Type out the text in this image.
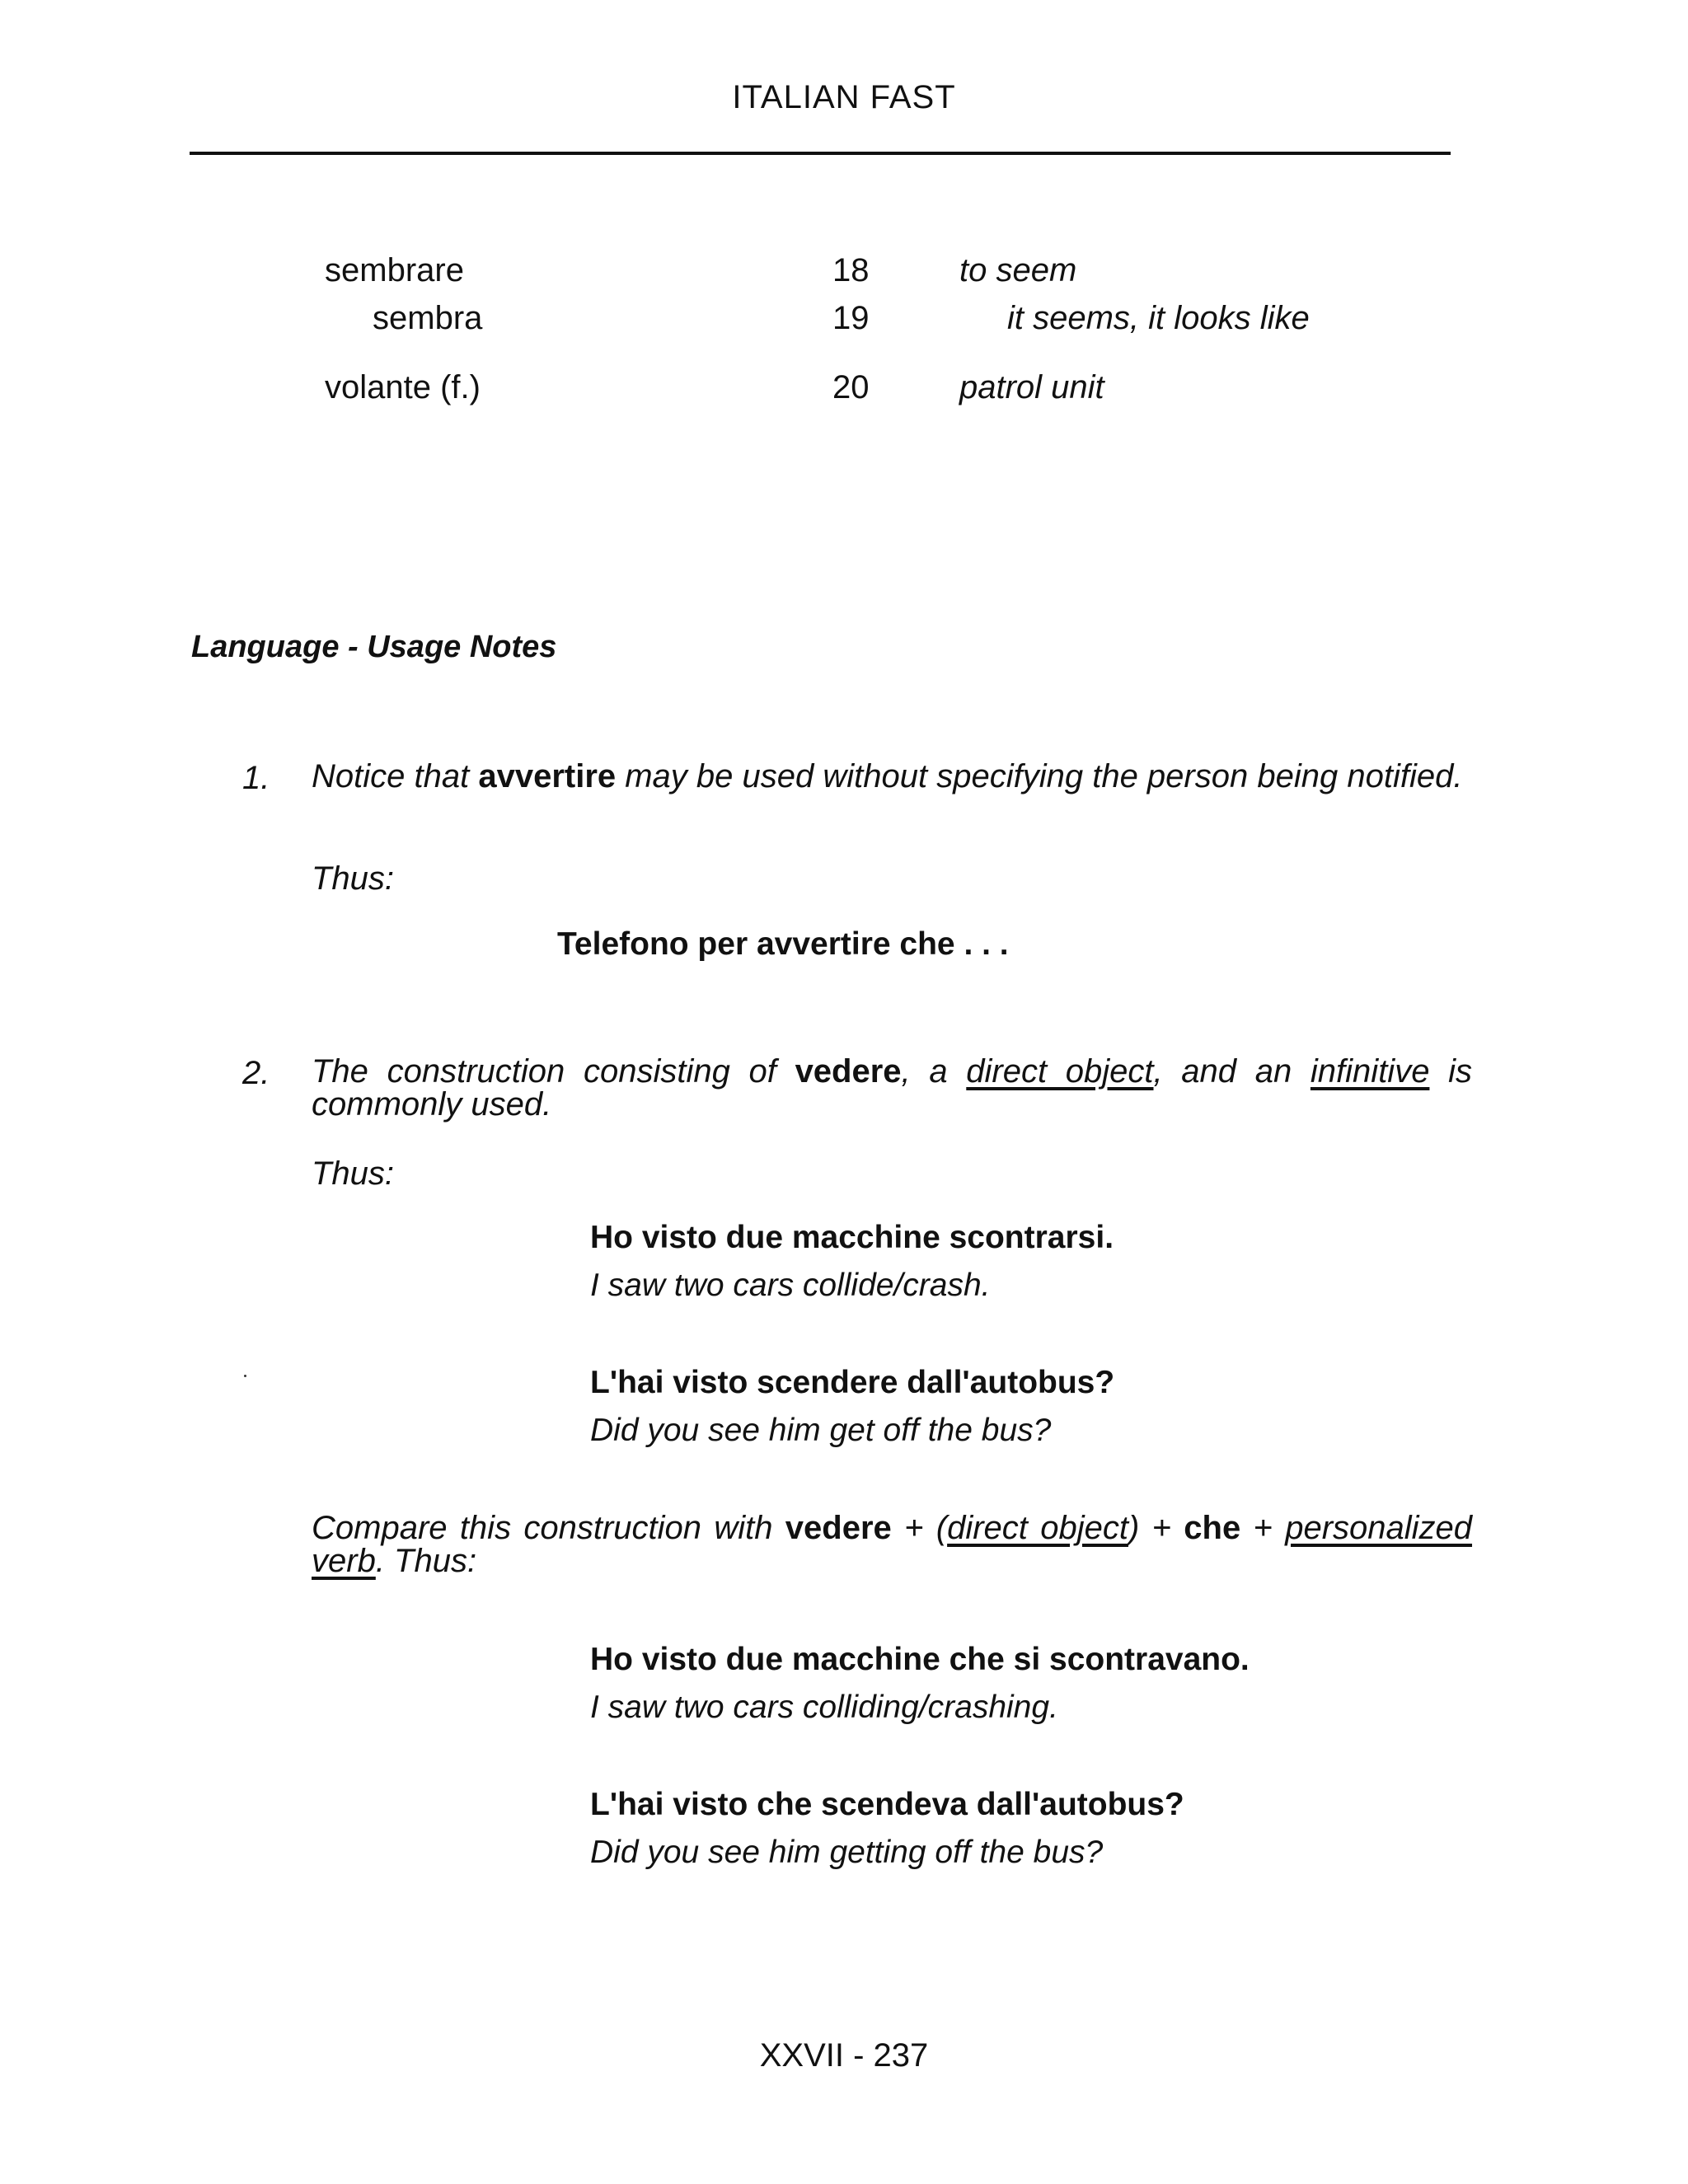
ITALIAN FAST
sembrare	18	to seem
sembra	19	it seems, it looks like
volante (f.)	20	patrol unit
Language - Usage Notes
1. Notice that avvertire may be used without specifying the person being notified.
Thus:
Telefono per avvertire che . . .
2. The construction consisting of vedere, a direct object, and an infinitive is commonly used.
Thus:
Ho visto due macchine scontrarsi.
I saw two cars collide/crash.
L'hai visto scendere dall'autobus?
Did you see him get off the bus?
Compare this construction with vedere + (direct object) + che + personalized verb. Thus:
Ho visto due macchine che si scontravano.
I saw two cars colliding/crashing.
L'hai visto che scendeva dall'autobus?
Did you see him getting off the bus?
XXVII - 237
